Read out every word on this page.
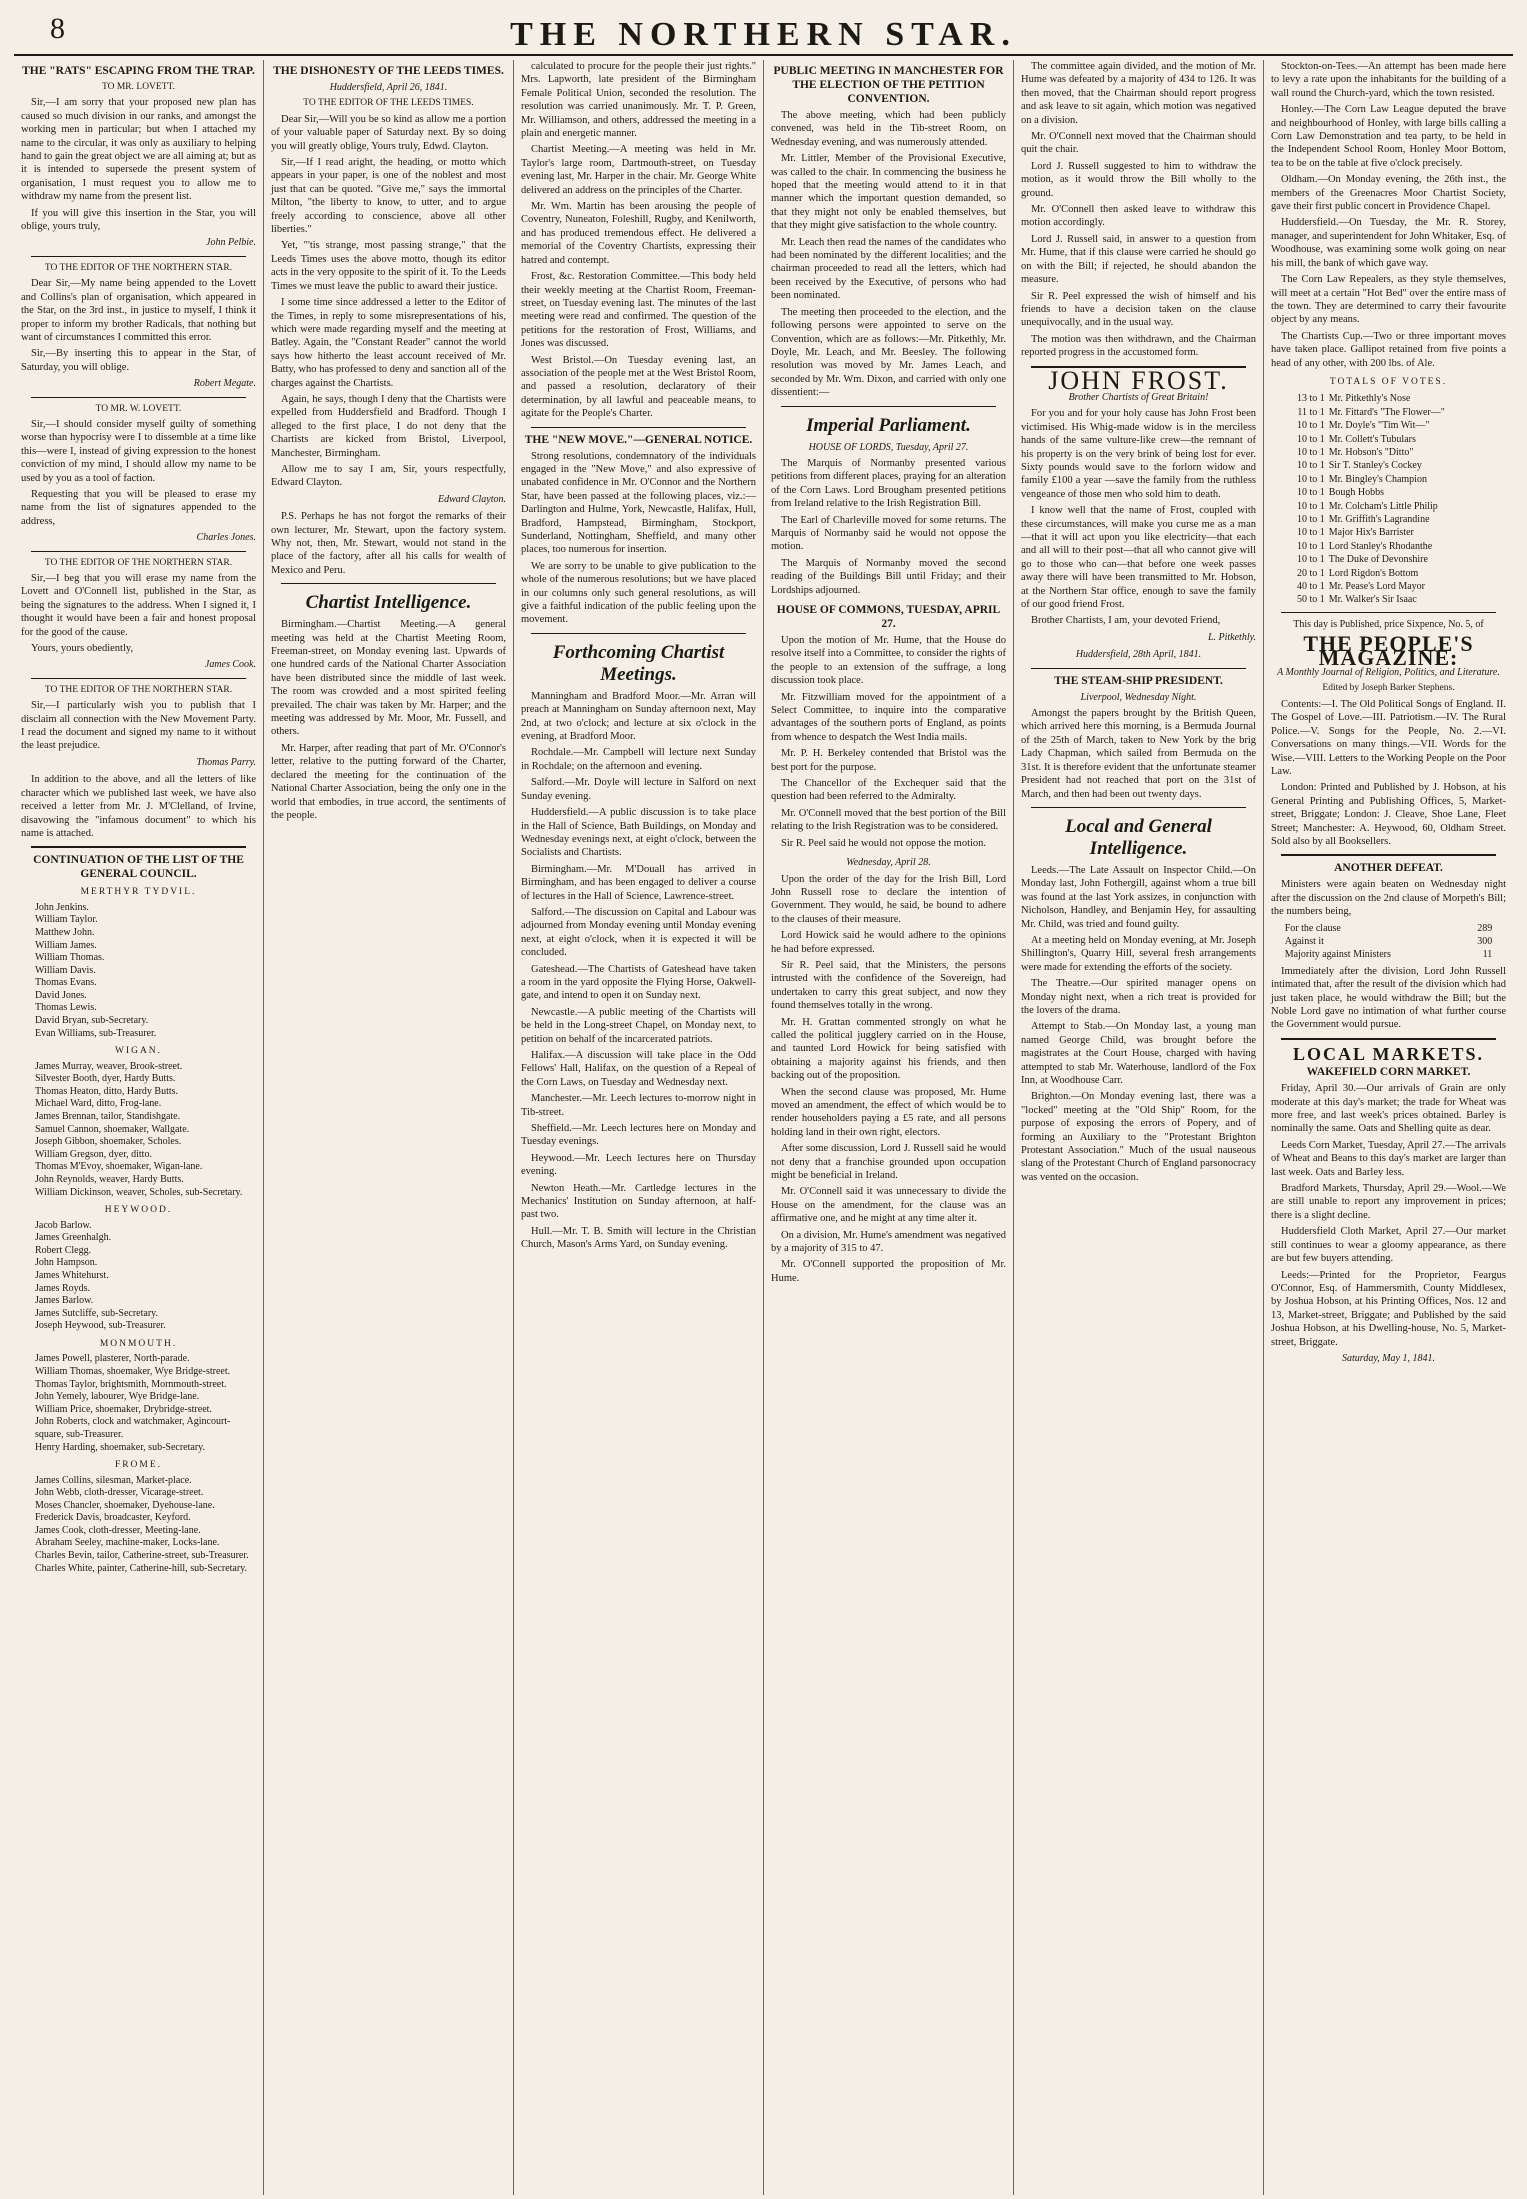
8	THE NORTHERN STAR.
THE "RATS" ESCAPING FROM THE TRAP.
TO MR. LOVETT.

Sir,—I am sorry that your proposed new plan has caused so much division in our ranks, and amongst the working men in particular; but when I attached my name to the circular, it was only as auxiliary to helping hand to gain the great object we are all aiming at; but as it is intended to supersede the present system of organisation, I must request you to allow me to withdraw my name from the present list.

If you will give this insertion in the Star, you will oblige, yours truly,

John Pelbie.
TO THE EDITOR OF THE NORTHERN STAR.

Dear Sir,—My name being appended to the Lovett and Collins's plan of organisation, which appeared in the Star, on the 3rd inst., in justice to myself, I think it proper to inform my brother Radicals, that nothing but want of circumstances I committed this error.

Sir,—By inserting this to appear in the Star, of Saturday, you will oblige.

Robert Megate.
TO MR. W. LOVETT.

Sir,—I should consider myself guilty of something worse than hypocrisy were I to dissemble at a time like this—were I, instead of giving expression to the honest conviction of my mind, I should allow my name to be used by you as a tool of faction.

Requesting that you will be pleased to erase my name from the list of signatures appended to the address,

Charles Jones.
TO THE EDITOR OF THE NORTHERN STAR.

Sir,—I beg that you will erase my name from the Lovett and O'Connell list, published in the Star, as being the signatures to the address. When I signed it, I thought it would have been a fair and honest proposal for the good of the cause.

Yours, yours obediently,

James Cook.
TO THE EDITOR OF THE NORTHERN STAR.

Sir,—I particularly wish you to publish that I disclaim all connection with the New Movement Party. I read the document and signed my name to it without the least prejudice.

Thomas Parry.

In addition to the above, and all the letters of like character which we published last week, we have also received a letter from Mr. J. M'Clelland, of Irvine, disavowing the "infamous document" to which his name is attached.

CONTINUATION OF THE LIST OF THE GENERAL COUNCIL.
MERTHYR TYDVIL.
John Jenkins.
William Taylor.
Matthew John.
William James.
William Thomas.
William Davis.
Thomas Evans.
David Jones.
Thomas Lewis.
David Bryan, sub-Secretary.
Evan Williams, sub-Treasurer.
WIGAN.
James Murray, weaver, Brook-street.
Silvester Booth, dyer, Hardy Butts.
Thomas Heaton, ditto, Hardy Butts.
Michael Ward, ditto, Frog-lane.
James Brennan, tailor, Standishgate.
Samuel Cannon, shoemaker, Wallgate.
Joseph Gibbon, shoemaker, Scholes.
William Gregson, dyer, ditto.
Thomas M'Evoy, shoemaker, Wigan-lane.
John Reynolds, weaver, Hardy Butts.
William Dickinson, weaver, Scholes, sub-Secretary.
HEYWOOD.
Jacob Barlow.
James Greenhalgh.
Robert Clegg.
John Hampson.
James Whitehurst.
James Royds.
James Barlow.
James Sutcliffe, sub-Secretary.
Joseph Heywood, sub-Treasurer.
MONMOUTH.
James Powell, plasterer, North-parade.
William Thomas, shoemaker, Wye Bridge-street.
Thomas Taylor, brightsmith, Mornmouth-street.
John Yemely, labourer, Wye Bridge-lane.
William Price, shoemaker, Drybridge-street.
John Roberts, clock and watchmaker, Agincourt-square, sub-Treasurer.
Henry Harding, shoemaker, sub-Secretary.
FROME.
James Collins, silesman, Market-place.
John Webb, cloth-dresser, Vicarage-street.
Moses Chancler, shoemaker, Dyehouse-lane.
Frederick Davis, broadcaster, Keyford.
James Cook, cloth-dresser, Meeting-lane.
Abraham Seeley, machine-maker, Locks-lane.
Charles Bevin, tailor, Catherine-street, sub-Treasurer.
Charles White, painter, Catherine-hill, sub-Secretary.
THE DISHONESTY OF THE LEEDS TIMES.
Huddersfield, April 26, 1841.
TO THE EDITOR OF THE LEEDS TIMES.

Dear Sir,—Will you be so kind as allow me a portion of your valuable paper of Saturday next. By so doing you will greatly oblige, Yours truly, Edwd. Clayton.

Sir,—If I read aright, the heading, or motto which appears in your paper, is one of the noblest and most just that can be quoted. "Give me," says the immortal Milton, "the liberty to know, to utter, and to argue freely according to conscience, above all other liberties."

Yet, "'tis strange, most passing strange," that the Leeds Times uses the above motto, though its editor acts in the very opposite to the spirit of it. To the Leeds Times we must leave the public to award their justice.

I some time since addressed a letter to the Editor of the Times, in reply to some misrepresentations of his, which were made regarding myself and the meeting at Batley. Again, the "Constant Reader" cannot the world says how hitherto the least account received of Mr. Batty, who has professed to deny and sanction all of the charges against the Chartists.

Again, he says, though I deny that the Chartists were expelled from Huddersfield and Bradford. Though I alleged to the first place, I do not deny that the Chartists are kicked from Bristol, Liverpool, Manchester, Birmingham.

Allow me to say I am, Sir, yours respectfully, Edward Clayton.

Edward Clayton.

P.S. Perhaps he has not forgot the remarks of their own lecturer, Mr. Stewart, upon the factory system. Why not, then, Mr. Stewart, would not stand in the place of the factory, after all his calls for wealth of Mexico and Peru.

Chartist Intelligence.

Birmingham.—Chartist Meeting.—A general meeting was held at the Chartist Meeting Room, Freeman-street, on Monday evening last. Upwards of one hundred cards of the National Charter Association have been distributed since the middle of last week. The room was crowded and a most spirited feeling prevailed. The chair was taken by Mr. Harper; and the meeting was addressed by Mr. Moor, Mr. Fussell, and others.

Mr. Harper, after reading that part of Mr. O'Connor's letter, relative to the putting forward of the Charter, declared the meeting for the continuation of the National Charter Association, being the only one in the world that embodies, in true accord, the sentiments of the people.

calculated to procure for the people their just rights." Mrs. Lapworth, late president of the Birmingham Female Political Union, seconded the resolution. The resolution was carried unanimously. Mr. T. P. Green, Mr. Williamson, and others, addressed the meeting in a plain and energetic manner.

Chartist Meeting.—A meeting was held in Mr. Taylor's large room, Dartmouth-street, on Tuesday evening last, Mr. Harper in the chair. Mr. George White delivered an address on the principles of the Charter.

Mr. Wm. Martin has been arousing the people of Coventry, Nuneaton, Foleshill, Rugby, and Kenilworth, and has produced tremendous effect. He delivered a memorial of the Coventry Chartists, expressing their hatred and contempt.

Frost, &c. Restoration Committee.—This body held their weekly meeting at the Chartist Room, Freeman-street, on Tuesday evening last. The minutes of the last meeting were read and confirmed. The question of the petitions for the restoration of Frost, Williams, and Jones was discussed.

West Bristol.—On Tuesday evening last, an association of the people met at the West Bristol Room, and passed a resolution, declaratory of their determination, by all lawful and peaceable means, to agitate for the People's Charter.

THE "NEW MOVE."—GENERAL NOTICE.

Strong resolutions, condemnatory of the individuals engaged in the "New Move," and also expressive of unabated confidence in Mr. O'Connor and the Northern Star, have been passed at the following places, viz.:—Darlington and Hulme, York, Newcastle, Halifax, Hull, Bradford, Hampstead, Birmingham, Stockport, Sunderland, Nottingham, Sheffield, and many other places, too numerous for insertion.

We are sorry to be unable to give publication to the whole of the numerous resolutions; but we have placed in our columns only such general resolutions, as will give a faithful indication of the public feeling upon the movement.

Forthcoming Chartist Meetings.

Manningham and Bradford Moor.—Mr. Arran will preach at Manningham on Sunday afternoon next, May 2nd, at two o'clock; and lecture at six o'clock in the evening, at Bradford Moor.

Rochdale.—Mr. Campbell will lecture next Sunday in Rochdale; on the afternoon and evening.

Salford.—Mr. Doyle will lecture in Salford on next Sunday evening.

Huddersfield.—A public discussion is to take place in the Hall of Science, Bath Buildings, on Monday and Wednesday evenings next, at eight o'clock, between the Socialists and Chartists.

Birmingham.—Mr. M'Douall has arrived in Birmingham, and has been engaged to deliver a course of lectures in the Hall of Science, Lawrence-street.

Salford.—The discussion on Capital and Labour was adjourned from Monday evening until Monday evening next, at eight o'clock, when it is expected it will be concluded.

Gateshead.—The Chartists of Gateshead have taken a room in the yard opposite the Flying Horse, Oakwell-gate, and intend to open it on Sunday next.

Newcastle.—A public meeting of the Chartists will be held in the Long-street Chapel, on Monday next, to petition on behalf of the incarcerated patriots.

Halifax.—A discussion will take place in the Odd Fellows' Hall, Halifax, on the question of a Repeal of the Corn Laws, on Tuesday and Wednesday next.

Manchester.—Mr. Leech lectures to-morrow night in Tib-street.

Sheffield.—Mr. Leech lectures here on Monday and Tuesday evenings.

Heywood.—Mr. Leech lectures here on Thursday evening.

Newton Heath.—Mr. Cartledge lectures in the Mechanics' Institution on Sunday afternoon, at half-past two.

Hull.—Mr. T. B. Smith will lecture in the Christian Church, Mason's Arms Yard, on Sunday evening.

PUBLIC MEETING IN MANCHESTER FOR THE ELECTION OF THE PETITION CONVENTION.

The above meeting, which had been publicly convened, was held in the Tib-street Room, on Wednesday evening, and was numerously attended.

Mr. Littler, Member of the Provisional Executive, was called to the chair. In commencing the business he hoped that the meeting would attend to it in that manner which the important question demanded, so that they might not only be enabled themselves, but that they might give satisfaction to the whole country.

Mr. Leach then read the names of the candidates who had been nominated by the different localities; and the chairman proceeded to read all the letters, which had been received by the Executive, of persons who had been nominated.

The meeting then proceeded to the election, and the following persons were appointed to serve on the Convention, which are as follows:—Mr. Pitkethly, Mr. Doyle, Mr. Leach, and Mr. Beesley. The following resolution was moved by Mr. James Leach, and seconded by Mr. Wm. Dixon, and carried with only one dissentient:—

Imperial Parliament.
HOUSE OF LORDS, Tuesday, April 27.

The Marquis of Normanby presented various petitions from different places, praying for an alteration of the Corn Laws. Lord Brougham presented petitions from Ireland relative to the Irish Registration Bill.

The Earl of Charleville moved for some returns. The Marquis of Normanby said he would not oppose the motion.

The Marquis of Normanby moved the second reading of the Buildings Bill until Friday; and their Lordships adjourned.

HOUSE OF COMMONS, TUESDAY, APRIL 27.

Upon the motion of Mr. Hume, that the House do resolve itself into a Committee, to consider the rights of the people to an extension of the suffrage, a long discussion took place.

Mr. Fitzwilliam moved for the appointment of a Select Committee, to inquire into the comparative advantages of the southern ports of England, as points from whence to despatch the West India mails.

Mr. P. H. Berkeley contended that Bristol was the best port for the purpose.

The Chancellor of the Exchequer said that the question had been referred to the Admiralty.

Mr. O'Connell moved that the best portion of the Bill relating to the Irish Registration was to be considered.

Sir R. Peel said he would not oppose the motion.

Wednesday, April 28.

Upon the order of the day for the Irish Bill, Lord John Russell rose to declare the intention of Government. They would, he said, be bound to adhere to the clauses of their measure.

Lord Howick said he would adhere to the opinions he had before expressed.

Sir R. Peel said, that the Ministers, the persons intrusted with the confidence of the Sovereign, had undertaken to carry this great subject, and now they found themselves totally in the wrong.

Mr. H. Grattan commented strongly on what he called the political jugglery carried on in the House, and taunted Lord Howick for being satisfied with obtaining a majority against his friends, and then backing out of the proposition.

When the second clause was proposed, Mr. Hume moved an amendment, the effect of which would be to render householders paying a £5 rate, and all persons holding land in their own right, electors.

After some discussion, Lord J. Russell said he would not deny that a franchise grounded upon occupation might be beneficial in Ireland.

Mr. O'Connell said it was unnecessary to divide the House on the amendment, for the clause was an affirmative one, and he might at any time alter it.

On a division, Mr. Hume's amendment was negatived by a majority of 315 to 47.

Mr. O'Connell supported the proposition of Mr. Hume.

The committee again divided, and the motion of Mr. Hume was defeated by a majority of 434 to 126. It was then moved, that the Chairman should report progress and ask leave to sit again, which motion was negatived on a division.

Mr. O'Connell next moved that the Chairman should quit the chair.

Lord J. Russell suggested to him to withdraw the motion, as it would throw the Bill wholly to the ground.

Mr. O'Connell then asked leave to withdraw this motion accordingly.

Lord J. Russell said, in answer to a question from Mr. Hume, that if this clause were carried he should go on with the Bill; if rejected, he should abandon the measure.

Sir R. Peel expressed the wish of himself and his friends to have a decision taken on the clause unequivocally, and in the usual way.

The motion was then withdrawn, and the Chairman reported progress in the accustomed form.

JOHN FROST.
Brother Chartists of Great Britain!

For you and for your holy cause has John Frost been victimised. His Whig-made widow is in the merciless hands of the same vulture-like crew—the remnant of his property is on the very brink of being lost for ever. Sixty pounds would save to the forlorn widow and family £100 a year —save the family from the ruthless vengeance of those men who sold him to death.

I know well that the name of Frost, coupled with these circumstances, will make you curse me as a man—that it will act upon you like electricity—that each and all will to their post—that all who cannot give will go to those who can—that before one week passes away there will have been transmitted to Mr. Hobson, at the Northern Star office, enough to save the family of our good friend Frost.

Brother Chartists, I am, your devoted Friend,

L. Pitkethly.
Huddersfield, 28th April, 1841.
THE STEAM-SHIP PRESIDENT.
Liverpool, Wednesday Night.

Amongst the papers brought by the British Queen, which arrived here this morning, is a Bermuda Journal of the 25th of March, taken to New York by the brig Lady Chapman, which sailed from Bermuda on the 31st. It is therefore evident that the unfortunate steamer President had not reached that port on the 31st of March, and then had been out twenty days.

Local and General Intelligence.

Leeds.—The Late Assault on Inspector Child.—On Monday last, John Fothergill, against whom a true bill was found at the last York assizes, in conjunction with Nicholson, Handley, and Benjamin Hey, for assaulting Mr. Child, was tried and found guilty.

At a meeting held on Monday evening, at Mr. Joseph Shillington's, Quarry Hill, several fresh arrangements were made for extending the efforts of the society.

The Theatre.—Our spirited manager opens on Monday night next, when a rich treat is provided for the lovers of the drama.

Attempt to Stab.—On Monday last, a young man named George Child, was brought before the magistrates at the Court House, charged with having attempted to stab Mr. Waterhouse, landlord of the Fox Inn, at Woodhouse Carr.

Brighton.—On Monday evening last, there was a "locked" meeting at the "Old Ship" Room, for the purpose of exposing the errors of Popery, and of forming an Auxiliary to the "Protestant Brighton Protestant Association." Much of the usual nauseous slang of the Protestant Church of England parsonocracy was vented on the occasion.

Stockton-on-Tees.—An attempt has been made here to levy a rate upon the inhabitants for the building of a wall round the Church-yard, which the town resisted.

Honley.—The Corn Law League deputed the brave and neighbourhood of Honley, with large bills calling a Corn Law Demonstration and tea party, to be held in the Independent School Room, Honley Moor Bottom, tea to be on the table at five o'clock precisely.

Oldham.—On Monday evening, the 26th inst., the members of the Greenacres Moor Chartist Society, gave their first public concert in Providence Chapel.

Huddersfield.—On Tuesday, the Mr. R. Storey, manager, and superintendent for John Whitaker, Esq. of Woodhouse, was examining some wolk going on near his mill, the bank of which gave way.

The Corn Law Repealers, as they style themselves, will meet at a certain "Hot Bed" over the entire mass of the town. They are determined to carry their favourite object by any means.

The Chartists Cup.—Two or three important moves have taken place. Gallipot retained from five points a head of any other, with 200 lbs. of Ale.

TOTALS OF VOTES.
13 to 1	Mr. Pitkethly's Nose
11 to 1	Mr. Fittard's "The Flower—"
10 to 1	Mr. Doyle's "Tim Wit—"
10 to 1	Mr. Collett's Tubulars
10 to 1	Mr. Hobson's "Ditto"
10 to 1	Sir T. Stanley's Cockey
10 to 1	Mr. Bingley's Champion
10 to 1	Bough Hobbs
10 to 1	Mr. Colcham's Little Philip
10 to 1	Mr. Griffith's Lagrandine
10 to 1	Major Hix's Barrister
10 to 1	Lord Stanley's Rhodanthe
10 to 1	The Duke of Devonshire
20 to 1	Lord Rigdon's Bottom
40 to 1	Mr. Pease's Lord Mayor
50 to 1	Mr. Walker's Sir Isaac
This day is Published, price Sixpence, No. 5, of
THE PEOPLE'S MAGAZINE:
A Monthly Journal of Religion, Politics, and Literature.
Edited by Joseph Barker Stephens.

Contents:—I. The Old Political Songs of England. II. The Gospel of Love.—III. Patriotism.—IV. The Rural Police.—V. Songs for the People, No. 2.—VI. Conversations on many things.—VII. Words for the Wise.—VIII. Letters to the Working People on the Poor Law.

London: Printed and Published by J. Hobson, at his General Printing and Publishing Offices, 5, Market-street, Briggate; London: J. Cleave, Shoe Lane, Fleet Street; Manchester: A. Heywood, 60, Oldham Street. Sold also by all Booksellers.

ANOTHER DEFEAT.

Ministers were again beaten on Wednesday night after the discussion on the 2nd clause of Morpeth's Bill; the numbers being,

For the clause	289
Against it	300
Majority against Ministers	11

Immediately after the division, Lord John Russell intimated that, after the result of the division which had just taken place, he would withdraw the Bill; but the Noble Lord gave no intimation of what further course the Government would pursue.

LOCAL MARKETS.
WAKEFIELD CORN MARKET.

Friday, April 30.—Our arrivals of Grain are only moderate at this day's market; the trade for Wheat was more free, and last week's prices obtained. Barley is nominally the same. Oats and Shelling quite as dear.

Leeds Corn Market, Tuesday, April 27.—The arrivals of Wheat and Beans to this day's market are larger than last week. Oats and Barley less.

Bradford Markets, Thursday, April 29.—Wool.—We are still unable to report any improvement in prices; there is a slight decline.

Huddersfield Cloth Market, April 27.—Our market still continues to wear a gloomy appearance, as there are but few buyers attending.

Leeds:—Printed for the Proprietor, Feargus O'Connor, Esq. of Hammersmith, County Middlesex, by Joshua Hobson, at his Printing Offices, Nos. 12 and 13, Market-street, Briggate; and Published by the said Joshua Hobson, at his Dwelling-house, No. 5, Market-street, Briggate.

Saturday, May 1, 1841.
